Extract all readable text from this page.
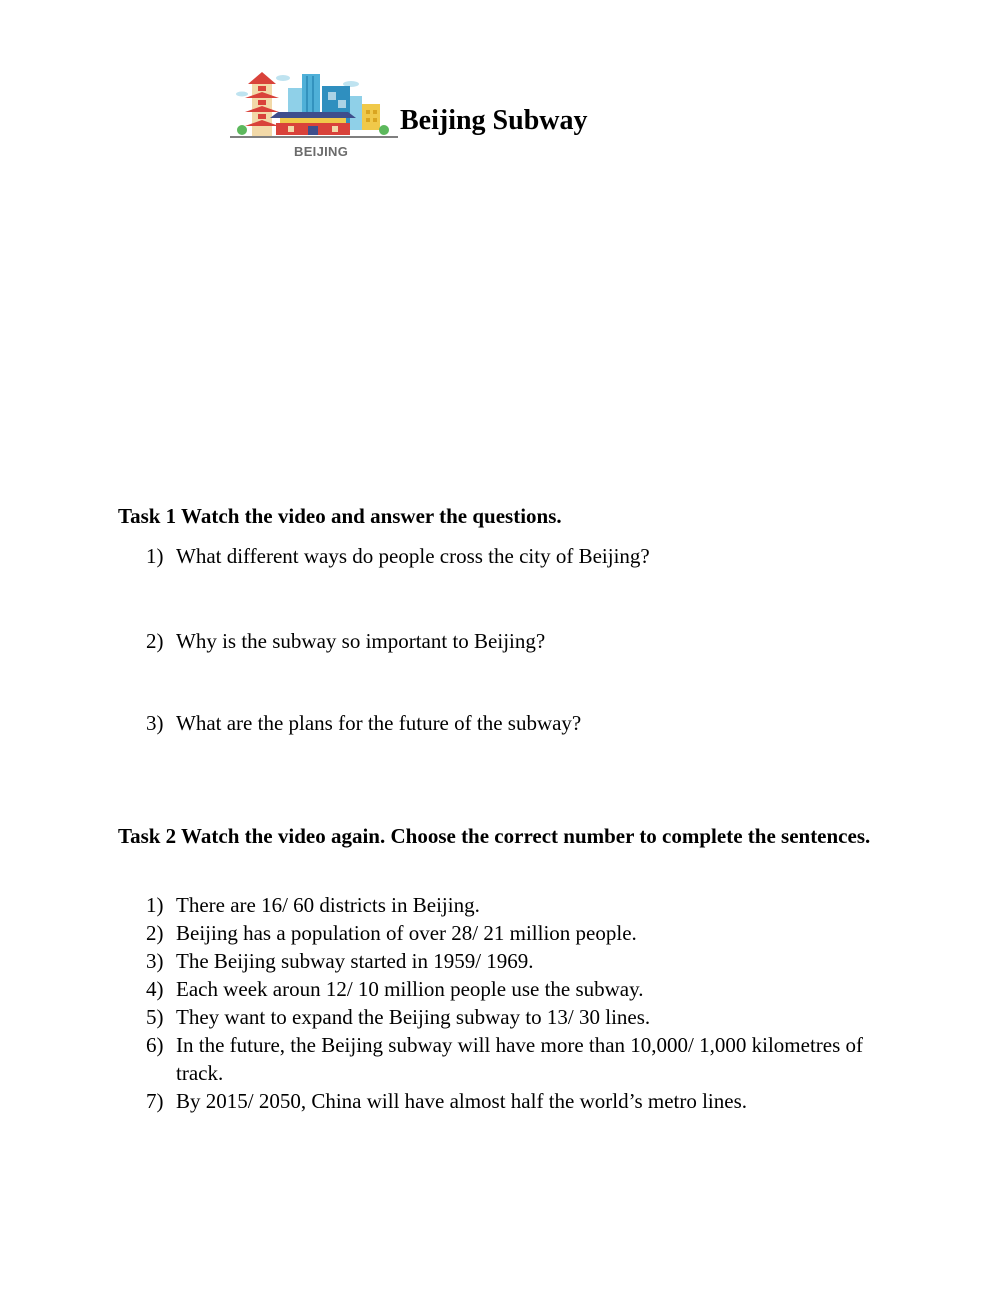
BEIJING
Beijing Subway
Task 1 Watch the video and answer the questions.
1) What different ways do people cross the city of Beijing?
2) Why is the subway so important to Beijing?
3) What are the plans for the future of the subway?
Task 2 Watch the video again. Choose the correct number to complete the sentences.
1) There are 16/ 60 districts in Beijing.
2) Beijing has a population of over 28/ 21 million people.
3) The Beijing subway started in 1959/ 1969.
4) Each week aroun 12/ 10 million people use the subway.
5) They want to expand the Beijing subway to 13/ 30 lines.
6) In the future, the Beijing subway will have more than 10,000/ 1,000 kilometres of track.
7) By 2015/ 2050, China will have almost half the world’s metro lines.
